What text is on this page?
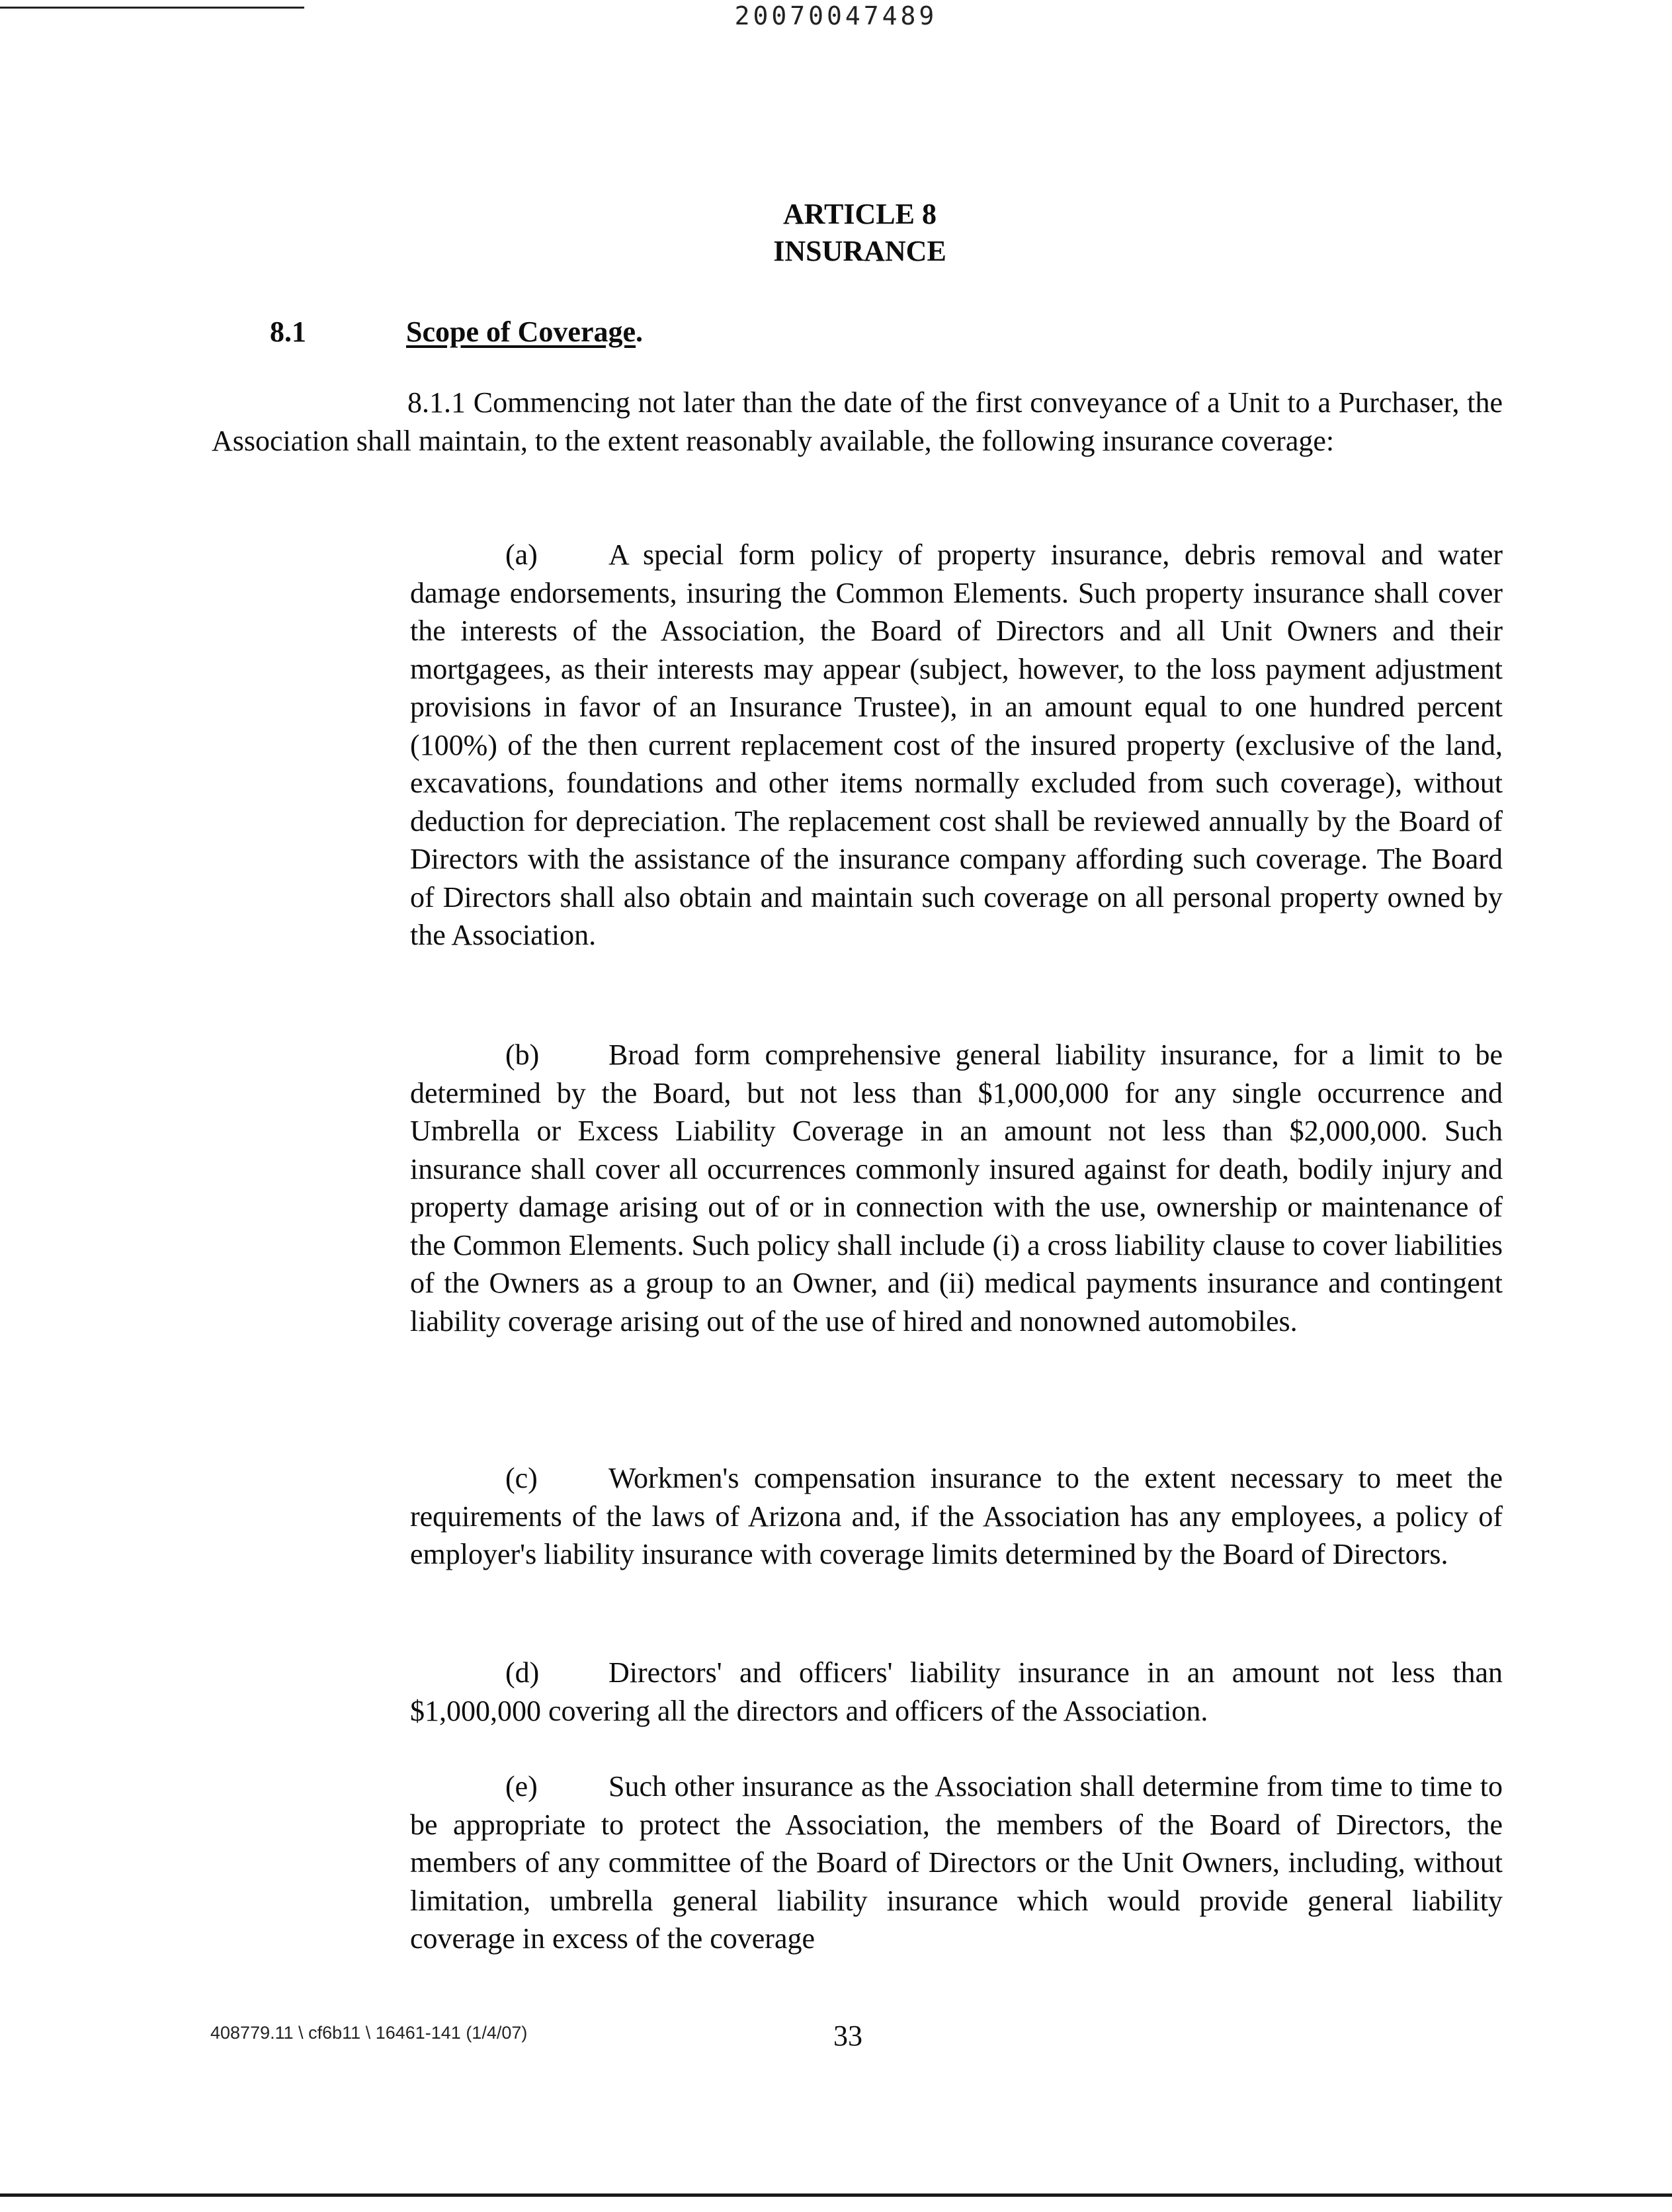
20070047489
ARTICLE 8
INSURANCE
8.1	Scope of Coverage.

8.1.1 Commencing not later than the date of the first conveyance of a Unit to a Purchaser, the Association shall maintain, to the extent reasonably available, the following insurance coverage:

(a) A special form policy of property insurance, debris removal and water damage endorsements, insuring the Common Elements. Such property insurance shall cover the interests of the Association, the Board of Directors and all Unit Owners and their mortgagees, as their interests may appear (subject, however, to the loss payment adjustment provisions in favor of an Insurance Trustee), in an amount equal to one hundred percent (100%) of the then current replacement cost of the insured property (exclusive of the land, excavations, foundations and other items normally excluded from such coverage), without deduction for depreciation. The replacement cost shall be reviewed annually by the Board of Directors with the assistance of the insurance company affording such coverage. The Board of Directors shall also obtain and maintain such coverage on all personal property owned by the Association.

(b) Broad form comprehensive general liability insurance, for a limit to be determined by the Board, but not less than $1,000,000 for any single occurrence and Umbrella or Excess Liability Coverage in an amount not less than $2,000,000. Such insurance shall cover all occurrences commonly insured against for death, bodily injury and property damage arising out of or in connection with the use, ownership or maintenance of the Common Elements. Such policy shall include (i) a cross liability clause to cover liabilities of the Owners as a group to an Owner, and (ii) medical payments insurance and contingent liability coverage arising out of the use of hired and nonowned automobiles.

(c) Workmen's compensation insurance to the extent necessary to meet the requirements of the laws of Arizona and, if the Association has any employees, a policy of employer's liability insurance with coverage limits determined by the Board of Directors.

(d) Directors' and officers' liability insurance in an amount not less than $1,000,000 covering all the directors and officers of the Association.

(e) Such other insurance as the Association shall determine from time to time to be appropriate to protect the Association, the members of the Board of Directors, the members of any committee of the Board of Directors or the Unit Owners, including, without limitation, umbrella general liability insurance which would provide general liability coverage in excess of the coverage

408779.11 \ cf6b11 \ 16461-141 (1/4/07)	33
